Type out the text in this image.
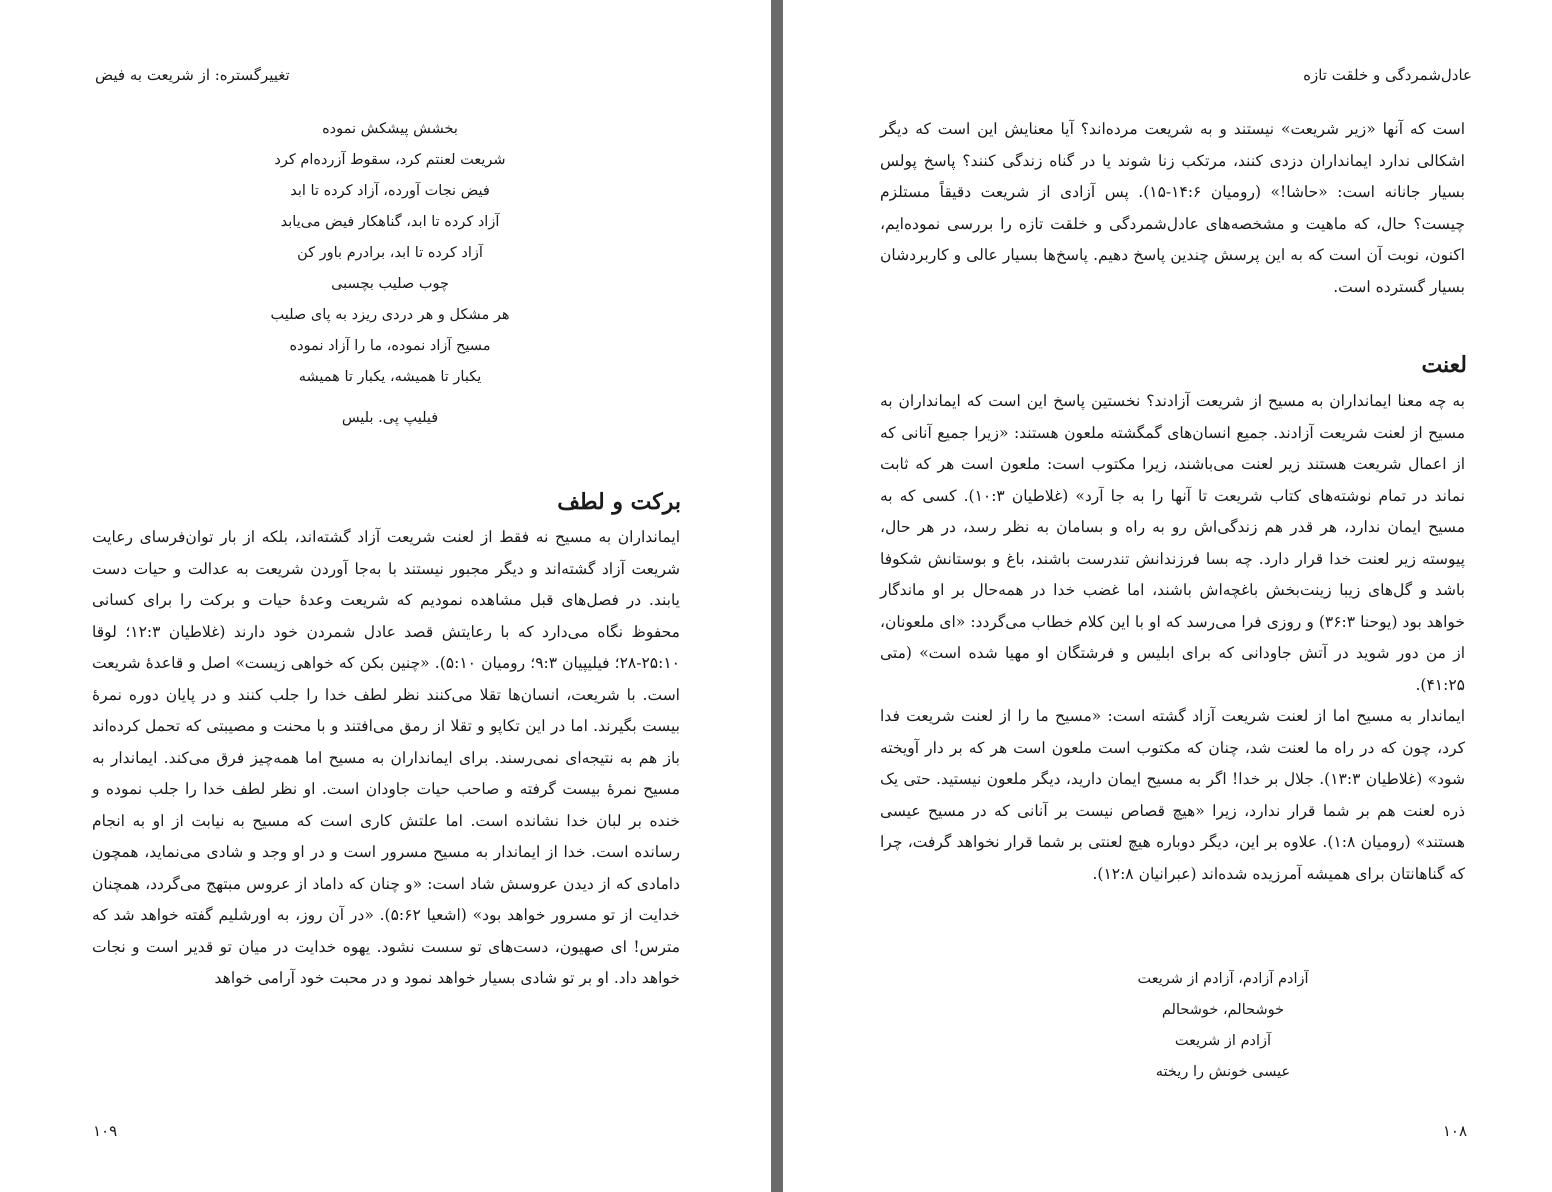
تغییرگستره: از شریعت به فیض
بخشش پیشکش نموده
شریعت لعنتم کرد، سقوط آزرده‌ام کرد
فیض نجات آورده، آزاد کرده تا ابد
آزاد کرده تا ابد، گناهکار فیض می‌یابد
آزاد کرده تا ابد، برادرم باور کن
چوب صلیب بچسبی
هر مشکل و هر دردی ریزد به پای صلیب
مسیح آزاد نموده، ما را آزاد نموده
یکبار تا همیشه، یکبار تا همیشه
فیلیپ پی. بلیس
برکت و لطف

ایمانداران به مسیح نه فقط از لعنت شریعت آزاد گشته‌اند، بلکه از بار توان‌فرسای رعایت شریعت آزاد گشته‌اند و دیگر مجبور نیستند با به‌جا آوردن شریعت به عدالت و حیات دست یابند. در فصل‌های قبل مشاهده نمودیم که شریعت وعدهٔ حیات و برکت را برای کسانی محفوظ نگاه می‌دارد که با رعایتش قصد عادل شمردن خود دارند (غلاطیان ۱۲:۳؛ لوقا ۲۵:۱۰-۲۸؛ فیلیپیان ۹:۳؛ رومیان ۵:۱۰). «چنین بکن که خواهی زیست» اصل و قاعدهٔ شریعت است. با شریعت، انسان‌ها تقلا می‌کنند نظر لطف خدا را جلب کنند و در پایان دوره نمرهٔ بیست بگیرند. اما در این تکاپو و تقلا از رمق می‌افتند و با محنت و مصیبتی که تحمل کرده‌اند باز هم به نتیجه‌ای نمی‌رسند. برای ایمانداران به مسیح اما همه‌چیز فرق می‌کند. ایماندار به مسیح نمرهٔ بیست گرفته و صاحب حیات جاودان است. او نظر لطف خدا را جلب نموده و خنده بر لبان خدا نشانده است. اما علتش کاری است که مسیح به نیابت از او به انجام رسانده است. خدا از ایماندار به مسیح مسرور است و در او وجد و شادی می‌نماید، همچون دامادی که از دیدن عروسش شاد است: «و چنان که داماد از عروس مبتهج می‌گردد، همچنان خدایت از تو مسرور خواهد بود» (اشعیا ۵:۶۲). «در آن روز، به اورشلیم گفته خواهد شد که مترس! ای صهیون، دست‌های تو سست نشود. یهوه خدایت در میان تو قدیر است و نجات خواهد داد. او بر تو شادی بسیار خواهد نمود و در محبت خود آرامی خواهد

۱۰۹
عادل‌شمردگی و خلقت تازه

است که آنها «زیر شریعت» نیستند و به شریعت مرده‌اند؟ آیا معنایش این است که دیگر اشکالی ندارد ایمانداران دزدی کنند، مرتکب زنا شوند یا در گناه زندگی کنند؟ پاسخ پولس بسیار جانانه است: «حاشا!» (رومیان ۱۴:۶-۱۵). پس آزادی از شریعت دقیقاً مستلزم چیست؟ حال، که ماهیت و مشخصه‌های عادل‌شمردگی و خلقت تازه را بررسی نموده‌ایم، اکنون، نوبت آن است که به این پرسش چندین پاسخ دهیم. پاسخ‌ها بسیار عالی و کاربردشان بسیار گسترده است.

لعنت

به چه معنا ایمانداران به مسیح از شریعت آزادند؟ نخستین پاسخ این است که ایمانداران به مسیح از لعنت شریعت آزادند. جمیع انسان‌های گمگشته ملعون هستند: «زیرا جمیع آنانی که از اعمال شریعت هستند زیر لعنت می‌باشند، زیرا مکتوب است: ملعون است هر که ثابت نماند در تمام نوشته‌های کتاب شریعت تا آنها را به جا آرد» (غلاطیان ۱۰:۳). کسی که به مسیح ایمان ندارد، هر قدر هم زندگی‌اش رو به راه و بسامان به نظر رسد، در هر حال، پیوسته زیر لعنت خدا قرار دارد. چه بسا فرزندانش تندرست باشند، باغ و بوستانش شکوفا باشد و گل‌های زیبا زینت‌بخش باغچه‌اش باشند، اما غضب خدا در همه‌حال بر او ماندگار خواهد بود (یوحنا ۳۶:۳) و روزی فرا می‌رسد که او با این کلام خطاب می‌گردد: «ای ملعونان، از من دور شوید در آتش جاودانی که برای ابلیس و فرشتگان او مهیا شده است» (متی ۴۱:۲۵).

ایماندار به مسیح اما از لعنت شریعت آزاد گشته است: «مسیح ما را از لعنت شریعت فدا کرد، چون که در راه ما لعنت شد، چنان که مکتوب است ملعون است هر که بر دار آویخته شود» (غلاطیان ۱۳:۳). جلال بر خدا! اگر به مسیح ایمان دارید، دیگر ملعون نیستید. حتی یک ذره لعنت هم بر شما قرار ندارد، زیرا «هیچ قصاص نیست بر آنانی که در مسیح عیسی هستند» (رومیان ۱:۸). علاوه بر این، دیگر دوباره هیچ لعنتی بر شما قرار نخواهد گرفت، چرا که گناهانتان برای همیشه آمرزیده شده‌اند (عبرانیان ۱۲:۸).

آزادم آزادم، آزادم از شریعت
خوشحالم، خوشحالم
آزادم از شریعت
عیسی خونش را ریخته
۱۰۸
